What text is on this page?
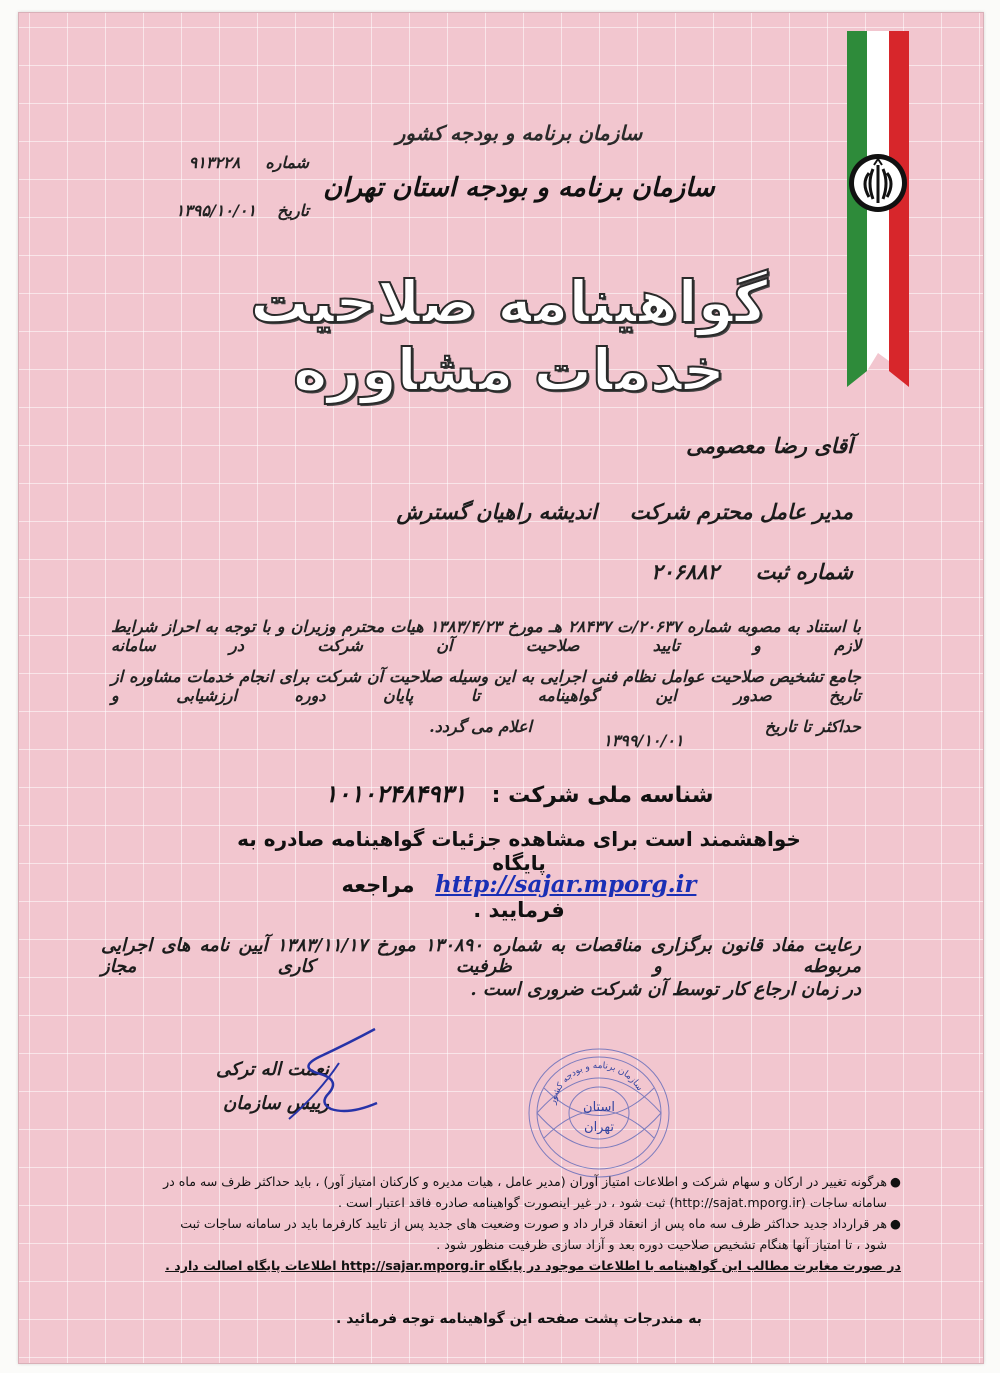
شماره  ۹۱۳۲۲۸
تاریخ  ۱۳۹۵/۱۰/۰۱
سازمان برنامه و بودجه کشور
سازمان برنامه و بودجه استان تهران
گواهینامه صلاحیت خدمات مشاوره
آقای رضا معصومی
مدیر عامل محترم شرکت  اندیشه راهیان گسترش
شماره ثبت  ۲۰۶۸۸۲
با استناد به مصوبه شماره ۲۰۶۳۷/ت ۲۸۴۳۷ هـ مورخ ۱۳۸۳/۴/۲۳ هیات محترم وزیران و با توجه به احراز شرایط لازم و تایید صلاحیت آن شرکت در سامانه
جامع تشخیص صلاحیت عوامل نظام فنی اجرایی به این وسیله صلاحیت آن شرکت برای انجام خدمات مشاوره از تاریخ صدور این گواهینامه تا پایان دوره ارزشیابی و
حداکثر تا تاریخ  ۱۳۹۹/۱۰/۰۱  اعلام می گردد.
شناسه ملی شرکت :  ۱۰۱۰۲۴۸۴۹۳۱
خواهشمند است برای مشاهده جزئیات گواهینامه صادره به پایگاه
http://sajar.mporg.ir  مراجعه فرمایید .
رعایت مفاد قانون برگزاری مناقصات به شماره ۱۳۰۸۹۰ مورخ ۱۳۸۳/۱۱/۱۷ آیین نامه های اجرایی مربوطه و ظرفیت کاری مجاز
در زمان ارجاع کار توسط آن شرکت ضروری است .
نعمت اله ترکی
رییس سازمان	سازمان برنامه و بودجه کشور
استان
تهران
●

هرگونه تغییر در ارکان و سهام شرکت و اطلاعات امتیاز آوران (مدیر عامل ، هیات مدیره و کارکنان امتیاز آور) ، باید حداکثر ظرف سه ماه در سامانه ساجات (http://sajat.mporg.ir) ثبت شود ، در غیر اینصورت گواهینامه صادره فاقد اعتبار است .

●

هر قرارداد جدید حداکثر ظرف سه ماه پس از انعقاد قرار داد و صورت وضعیت های جدید پس از تایید کارفرما باید در سامانه ساجات ثبت شود ، تا امتیاز آنها هنگام تشخیص صلاحیت دوره بعد و آزاد سازی ظرفیت منظور شود .

در صورت مغایرت مطالب این گواهینامه با اطلاعات موجود در پایگاه http://sajar.mporg.ir اطلاعات پایگاه اصالت دارد .

به مندرجات پشت صفحه این گواهینامه توجه فرمائید .
